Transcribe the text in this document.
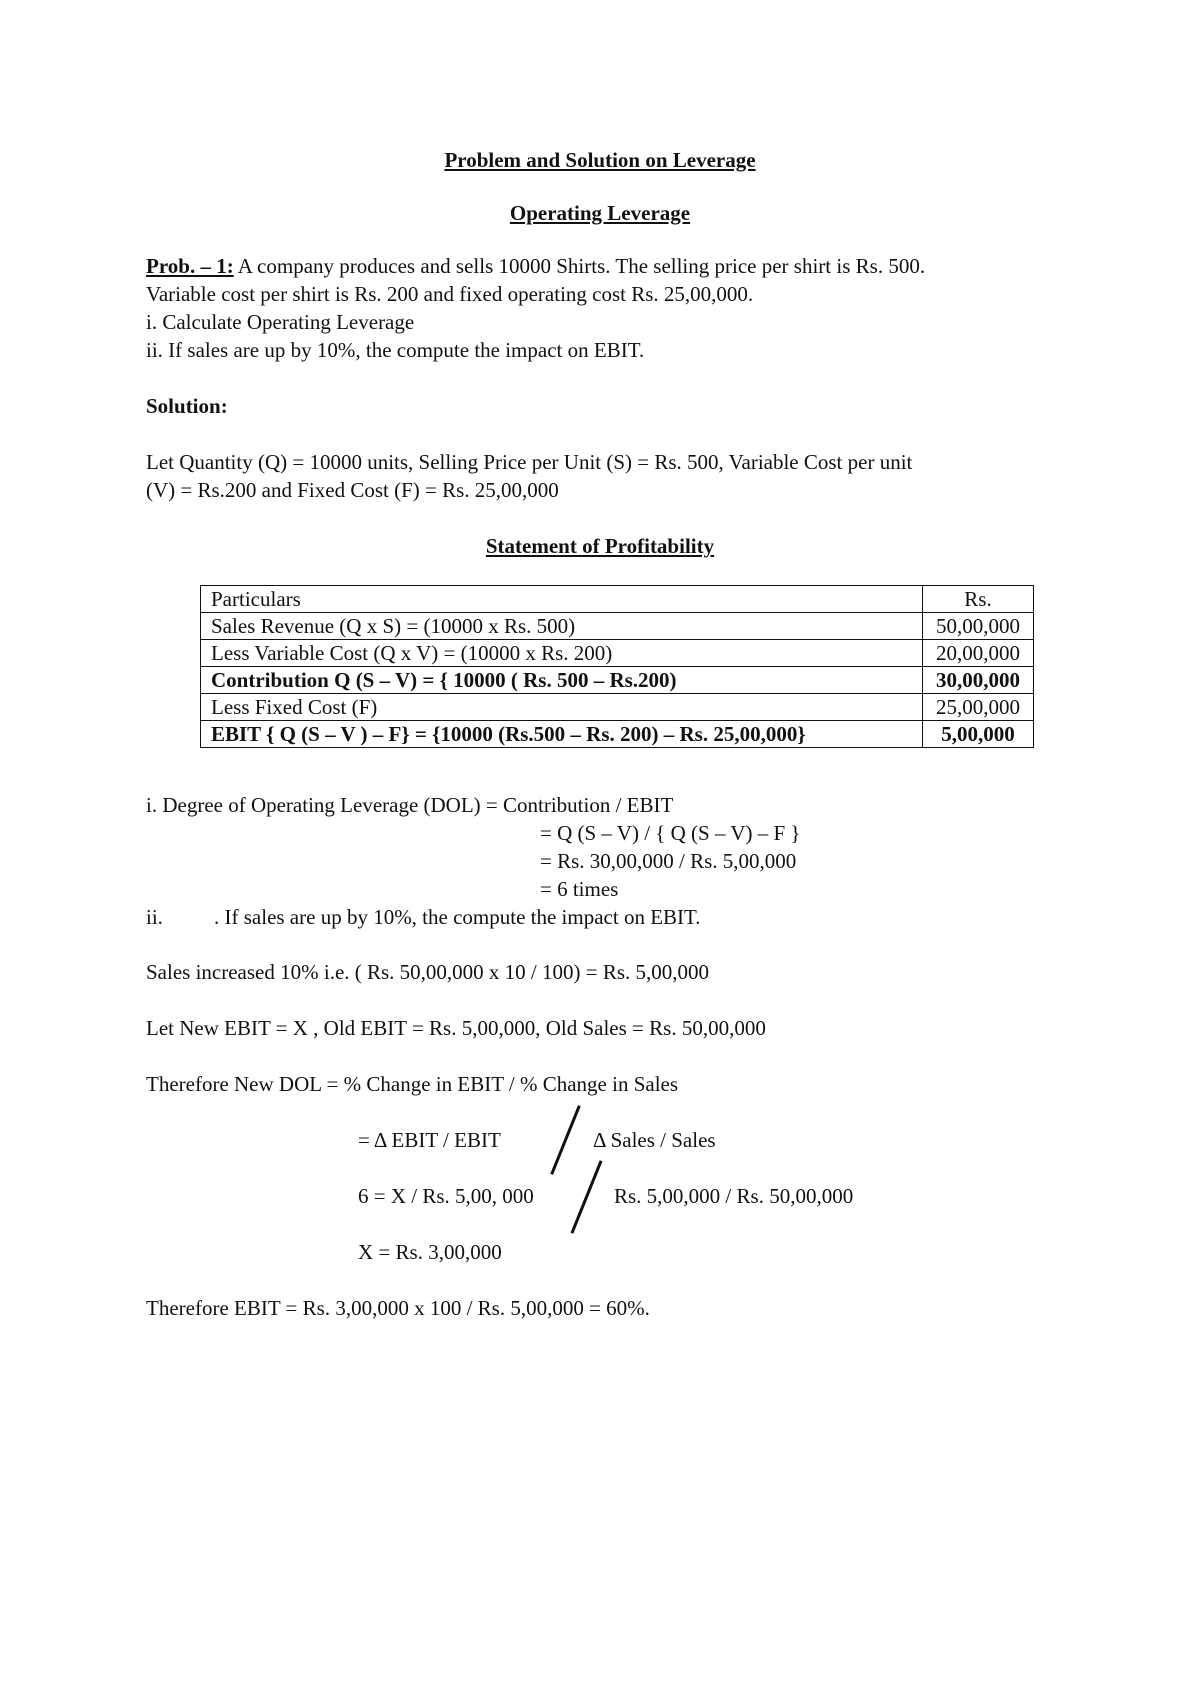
Problem and Solution on Leverage
Operating Leverage
Prob. – 1: A company produces and sells 10000 Shirts. The selling price per shirt is Rs. 500.
Variable cost per shirt is Rs. 200 and fixed operating cost Rs. 25,00,000.
i. Calculate Operating Leverage
ii. If sales are up by 10%, the compute the impact on EBIT.
Solution:
Let Quantity (Q) = 10000 units, Selling Price per Unit (S) = Rs. 500, Variable Cost per unit
(V) = Rs.200 and Fixed Cost (F) = Rs. 25,00,000
Statement of Profitability
Particulars	Rs.
Sales Revenue (Q x S) = (10000 x Rs. 500)	50,00,000
Less Variable Cost (Q x V) = (10000 x Rs. 200)	20,00,000
Contribution Q (S – V) = { 10000 ( Rs. 500 – Rs.200)	30,00,000
Less Fixed Cost (F)	25,00,000
EBIT { Q (S – V ) – F} = {10000 (Rs.500 – Rs. 200) – Rs. 25,00,000}	5,00,000
i. Degree of Operating Leverage (DOL) = Contribution / EBIT
= Q (S – V) / { Q (S – V) – F }
= Rs. 30,00,000 / Rs. 5,00,000
= 6 times
ii. . If sales are up by 10%, the compute the impact on EBIT.
Sales increased 10% i.e. ( Rs. 50,00,000 x 10 / 100) = Rs. 5,00,000
Let New EBIT = X , Old EBIT = Rs. 5,00,000, Old Sales = Rs. 50,00,000
Therefore New DOL = % Change in EBIT / % Change in Sales
= Δ EBIT / EBIT	Δ Sales / Sales
6 = X / Rs. 5,00, 000	Rs. 5,00,000 / Rs. 50,00,000
X = Rs. 3,00,000
Therefore EBIT = Rs. 3,00,000 x 100 / Rs. 5,00,000 = 60%.
